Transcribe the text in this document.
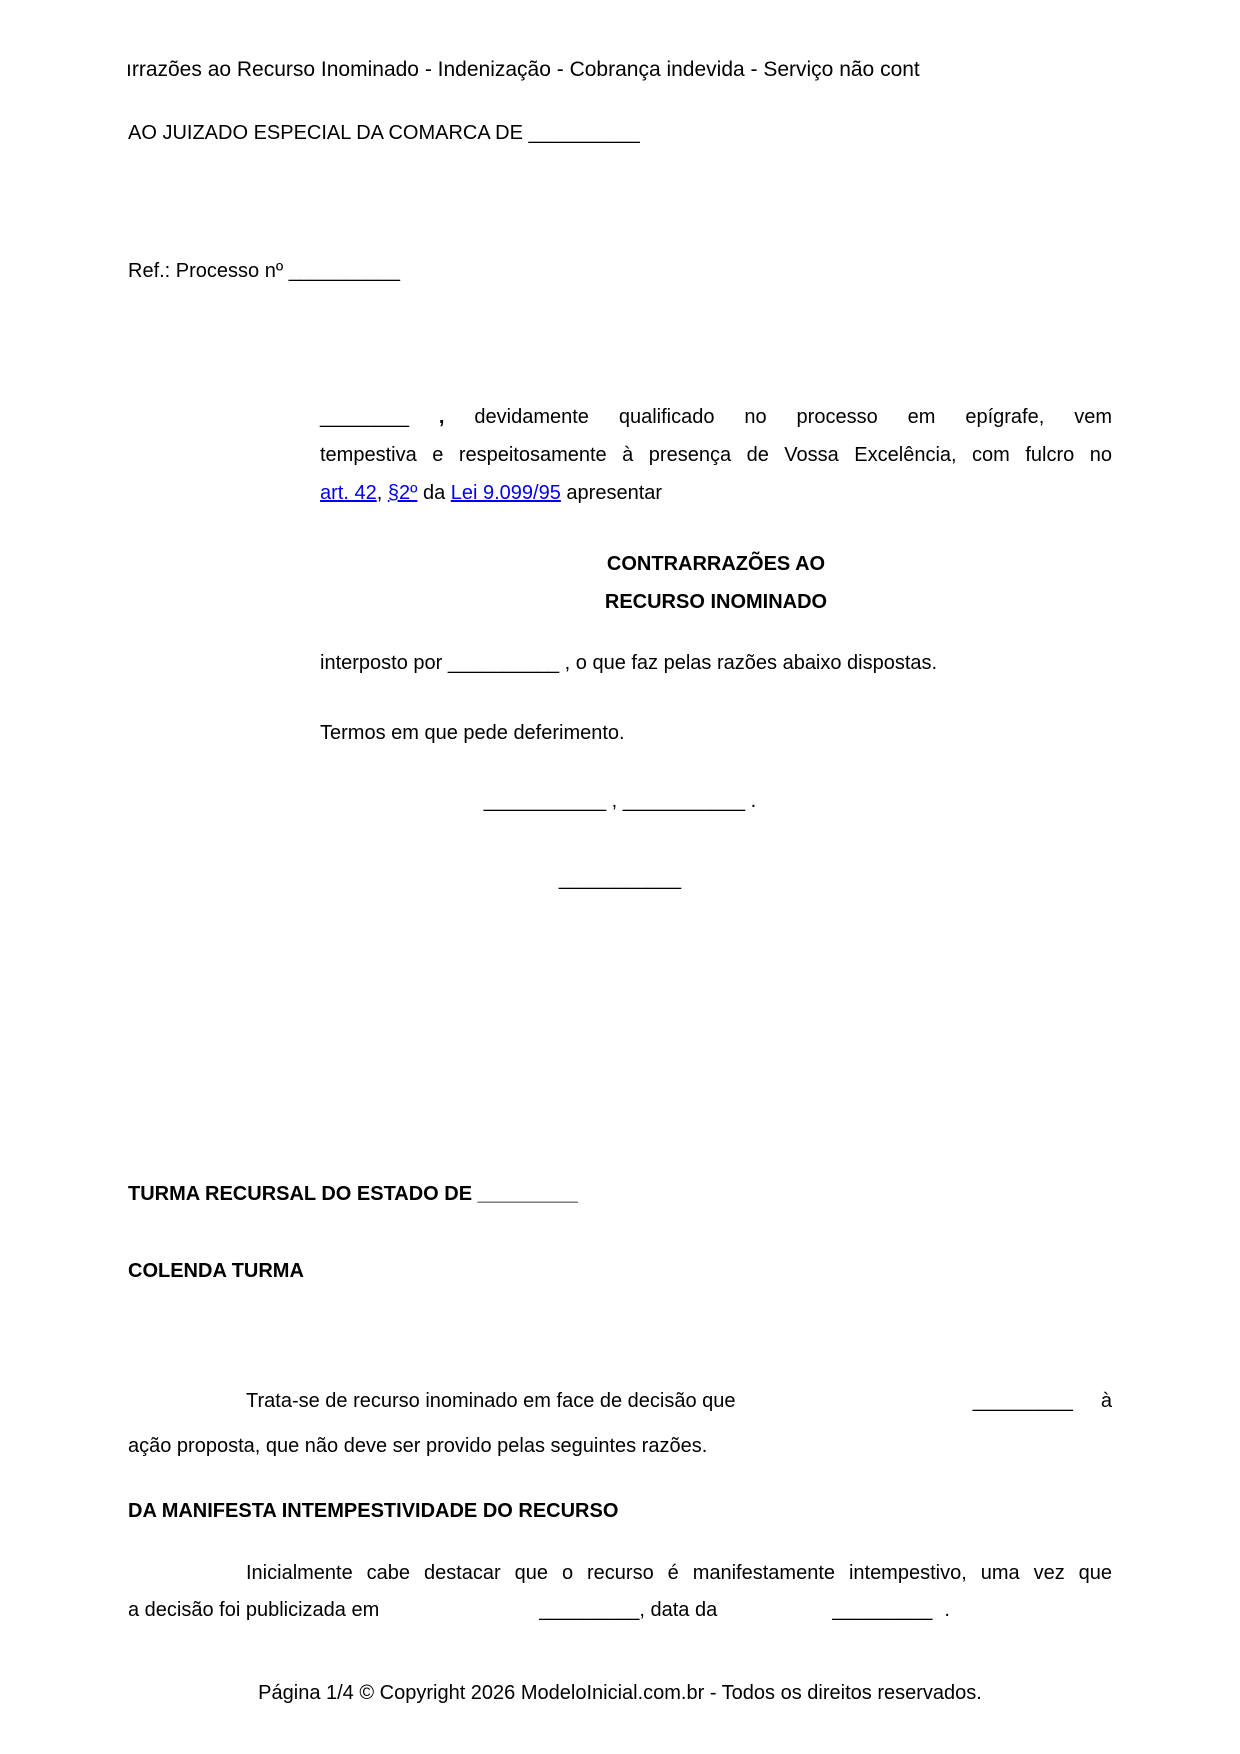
ırrazões ao Recurso Inominado - Indenização - Cobrança indevida - Serviço não cont
AO JUIZADO ESPECIAL DA COMARCA DE __________
Ref.: Processo nº __________
________ , devidamente qualificado no processo em epígrafe, vem
tempestiva e respeitosamente à presença de Vossa Excelência, com fulcro no
art. 42, §2º da Lei 9.099/95 apresentar
CONTRARRAZÕES AO
RECURSO INOMINADO
interposto por __________ , o que faz pelas razões abaixo dispostas.
Termos em que pede deferimento.
___________ , ___________ .
___________
TURMA RECURSAL DO ESTADO DE _________
COLENDA TURMA
Trata-se de recurso inominado em face de decisão que	_________ à
ação proposta, que não deve ser provido pelas seguintes razões.
DA MANIFESTA INTEMPESTIVIDADE DO RECURSO
Inicialmente cabe destacar que o recurso é manifestamente intempestivo, uma vez que
a decisão foi publicizada em	_________ , data da	_________ .
Página 1/4 © Copyright 2026 ModeloInicial.com.br - Todos os direitos reservados.
